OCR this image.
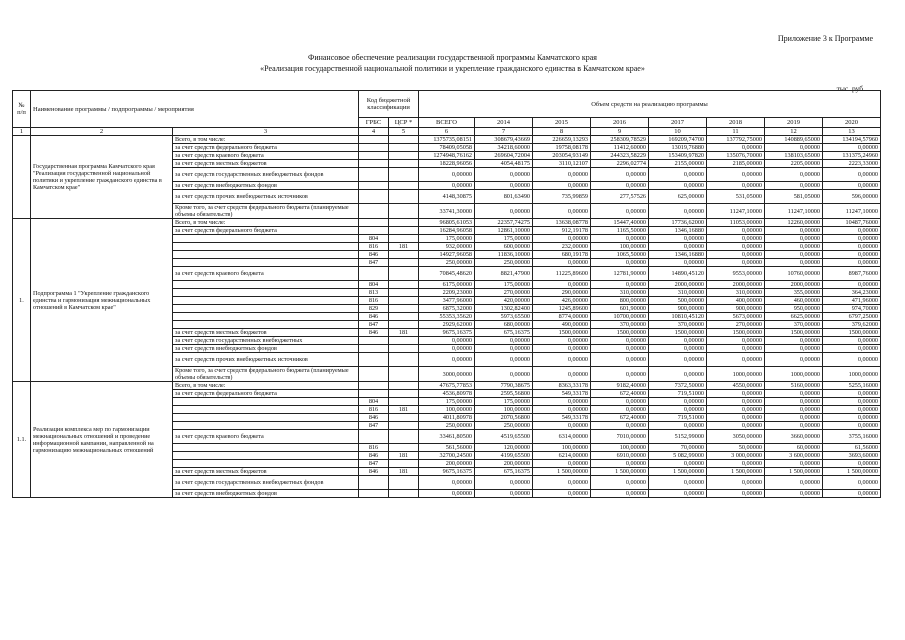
Приложение 3 к Программе
Финансовое обеспечение реализации государственной программы Камчатского края
«Реализация государственной национальной политики и укрепление гражданского единства в Камчатском крае»
тыс. руб.
№ п/п	Наименование программы / подпрограммы / мероприятия		Код бюджетной классификации		Объем средств на реализацию программы							
			ГРБС	ЦСР *	ВСЕГО	2014	2015	2016	2017	2018	2019	2020
1	2	3	4	5	6	7	8	9	10	11	12	13
	Государственная программа Камчатского края "Реализация государственной национальной политики и укрепление гражданского единства в Камчатском крае"	Всего, в том числе:			1375735,08151	308679,43669	226659,13293	258309,78529	169209,74700	137792,75000	140889,65000	134194,57960
		за счет средств федерального бюджета			78409,05058	34218,60000	19758,08178	11412,60000	13019,76880	0,00000	0,00000	0,00000
		за счет средств краевого бюджета			1274948,76162	269604,72004	203054,93149	244323,58229	153409,97820	135076,70000	138103,65000	131375,24960
		за счет средств местных бюджетов			18228,96056	4054,48175	3110,12107	2296,02774	2155,00000	2185,00000	2205,00000	2223,33000
		за счет средств государственных внебюджетных фондов			0,00000	0,00000	0,00000	0,00000	0,00000	0,00000	0,00000	0,00000
		за счет средств внебюджетных фондов			0,00000	0,00000	0,00000	0,00000	0,00000	0,00000	0,00000	0,00000
		за счет средств прочих внебюджетных источников			4148,30875	801,63490	735,99859	277,57526	625,00000	531,05000	581,05000	596,00000
		Кроме того, за счет средств федерального бюджета (планируемые объемы обязательств)			33741,30000	0,00000	0,00000	0,00000	0,00000	11247,10000	11247,10000	11247,10000
1.	Подпрограмма 1 "Укрепление гражданского единства и гармонизация межнациональных отношений в Камчатском крае"	Всего, в том числе:			96805,61053	22357,74275	13638,08778	15447,40000	17736,62000	11053,00000	12260,00000	10487,76000
		за счет средств федерального бюджета			16284,96058	12861,10000	912,19178	1165,50000	1346,16880	0,00000	0,00000	0,00000
			804		175,00000	175,00000	0,00000	0,00000	0,00000	0,00000	0,00000	0,00000
			816	181	932,00000	600,00000	232,00000	100,00000	0,00000	0,00000	0,00000	0,00000
			846		14927,96058	11836,10000	680,19178	1065,50000	1346,16880	0,00000	0,00000	0,00000
			847		250,00000	250,00000	0,00000	0,00000	0,00000	0,00000	0,00000	0,00000
		за счет средств краевого бюджета			70845,48620	8821,47900	11225,89600	12781,90000	14890,45120	9553,00000	10760,00000	8987,76000
			804		6175,00000	175,00000	0,00000	0,00000	2000,00000	2000,00000	2000,00000	0,00000
			813		2209,23000	270,00000	290,00000	310,00000	310,00000	310,00000	355,00000	364,23000
			816		3477,96000	420,00000	426,00000	800,00000	500,00000	400,00000	460,00000	471,96000
			829		6875,32000	1302,82400	1245,89600	601,90000	900,00000	900,00000	950,00000	974,70000
			846		55353,35620	5973,65500	8774,00000	10700,00000	10810,45120	5673,00000	6625,00000	6797,25000
			847		2929,62000	680,00000	490,00000	370,00000	370,00000	270,00000	370,00000	379,62000
		за счет средств местных бюджетов	846	181	9675,16375	675,16375	1500,00000	1500,00000	1500,00000	1500,00000	1500,00000	1500,00000
		за счет средств государственных внебюджетных			0,00000	0,00000	0,00000	0,00000	0,00000	0,00000	0,00000	0,00000
		за счет средств внебюджетных фондов			0,00000	0,00000	0,00000	0,00000	0,00000	0,00000	0,00000	0,00000
		за счет средств прочих внебюджетных источников			0,00000	0,00000	0,00000	0,00000	0,00000	0,00000	0,00000	0,00000
		Кроме того, за счет средств федерального бюджета (планируемые объемы обязательств)			3000,00000	0,00000	0,00000	0,00000	0,00000	1000,00000	1000,00000	1000,00000
1.1.	Реализация комплекса мер по гармонизации межнациональных отношений и проведение информационной кампании, направленной на гармонизацию межнациональных отношений	Всего, в том числе:			47675,77853	7790,38675	8363,33178	9182,40000	7372,50000	4550,00000	5160,00000	5255,16000
		за счет средств федерального бюджета			4536,80978	2595,56800	549,33178	672,40000	719,51000	0,00000	0,00000	0,00000
			804		175,00000	175,00000	0,00000	0,00000	0,00000	0,00000	0,00000	0,00000
			816	181	100,00000	100,00000	0,00000	0,00000	0,00000	0,00000	0,00000	0,00000
			846		4011,80978	2070,56800	549,33178	672,40000	719,51000	0,00000	0,00000	0,00000
			847		250,00000	250,00000	0,00000	0,00000	0,00000	0,00000	0,00000	0,00000
		за счет средств краевого бюджета			33461,80500	4519,65500	6314,00000	7010,00000	5152,99000	3050,00000	3660,00000	3755,16000
			816		561,56000	120,00000	100,00000	100,00000	70,00000	50,00000	60,00000	61,56000
			846	181	32700,24500	4199,65500	6214,00000	6910,00000	5 082,99000	3 000,00000	3 600,00000	3693,60000
			847		200,00000	200,00000	0,00000	0,00000	0,00000	0,00000	0,00000	0,00000
		за счет средств местных бюджетов	846	181	9675,16375	675,16375	1 500,00000	1 500,00000	1 500,00000	1 500,00000	1 500,00000	1 500,00000
		за счет средств государственных внебюджетных фондов			0,00000	0,00000	0,00000	0,00000	0,00000	0,00000	0,00000	0,00000
		за счет средств внебюджетных фондов			0,00000	0,00000	0,00000	0,00000	0,00000	0,00000	0,00000	0,00000
